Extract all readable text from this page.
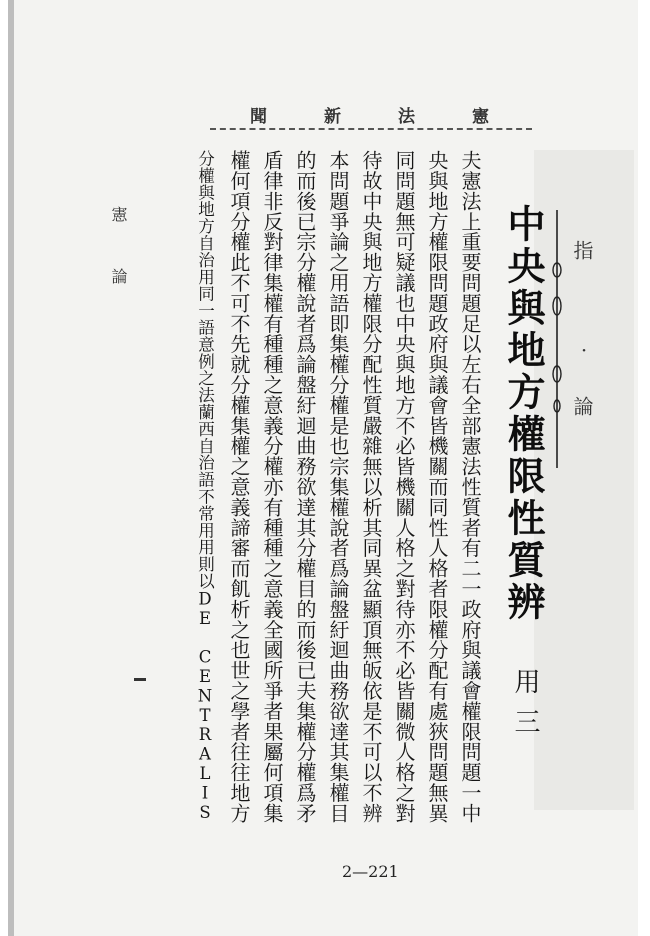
聞	新	法	憲
憲
論
指
·
論
中央與地方權限性質辨
用三
夫憲法上重要問題足以左右全部憲法性質者有二一政府與議會權限問題一中
央與地方權限問題政府與議會皆機關而同性人格者限權分配有處狹問題無異
同問題無可疑議也中央與地方不必皆機關人格之對待亦不必皆關微人格之對
待故中央與地方權限分配性質嚴雜無以析其同異盆顯頂無皈依是不可以不辨
本問題爭論之用語即集權分權是也宗集權說者爲論盤紆迴曲務欲達其集權目
的而後已宗分權說者爲論盤紆迴曲務欲達其分權目的而後已夫集權分權爲矛
盾律非反對律集權有種種之意義分權亦有種種之意義全國所爭者果屬何項集
權何項分權此不可不先就分權集權之意義諦審而飢析之也世之學者往往地方
分權與地方自治用同一語意例之法蘭西自治語不常用用則以DE CENTRALIS
2—221
